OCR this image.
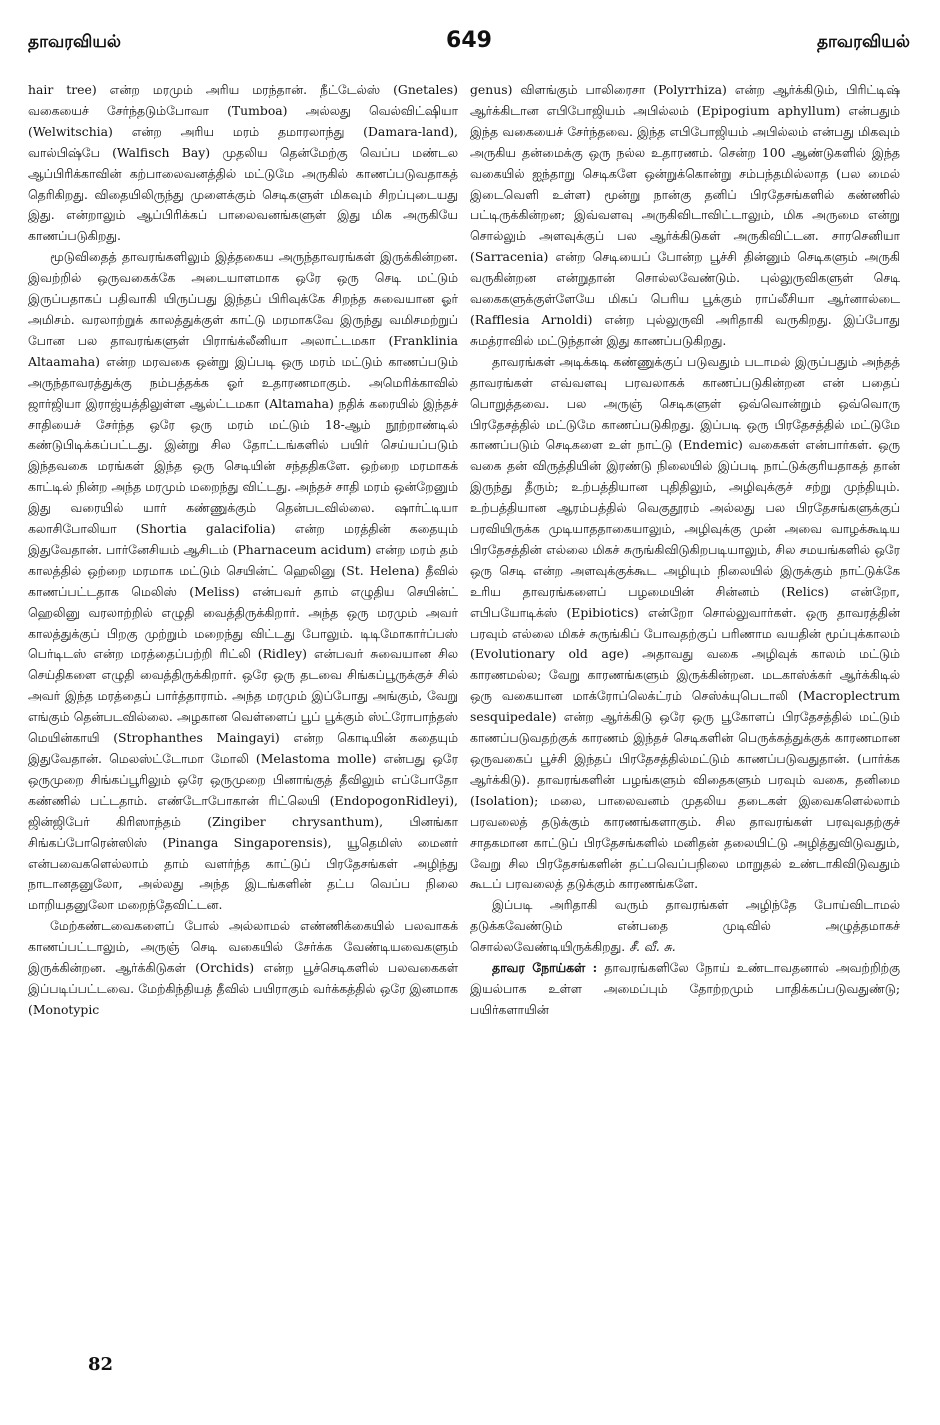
தாவரவியல்	649	தாவரவியல்

hair tree) என்ற மரமும் அரிய மரந்தான். நீட்டேல்ஸ் (Gnetales) வகையைச் சேர்ந்தடும்போவா (Tumboa) அல்லது வெல்விட்ஷியா (Welwitschia) என்ற அரிய மரம் தமாரலாந்து (Damara-land), வால்பிஷ்பே (Walfisch Bay) முதலிய தென்மேற்கு வெப்ப மண்டல ஆப்பிரிக்காவின் கற்பாலைவனத்தில் மட்டுமே அருகில் காணப்படுவதாகத் தெரிகிறது. விதையிலிருந்து முளைக்கும் செடிகளுள் மிகவும் சிறப்புடையது இது. என்றாலும் ஆப்பிரிக்கப் பாலைவனங்களுள் இது மிக அருகியே காணப்படுகிறது.

மூடுவிதைத் தாவரங்களிலும் இத்தகைய அருந்தாவரங்கள் இருக்கின்றன. இவற்றில் ஒருவகைக்கே அடையாளமாக ஒரே ஒரு செடி மட்டும் இருப்பதாகப் பதிவாகி யிருப்பது இந்தப் பிரிவுக்கே சிறந்த சுவையான ஓர் அமிசம். வரலாற்றுக் காலத்துக்குள் காட்டு மரமாகவே இருந்து வமிசமற்றுப் போன பல தாவரங்களுள் பிராங்க்லீனியா அலாட்டமகா (Franklinia Altaamaha) என்ற மரவகை ஒன்று இப்படி ஒரு மரம் மட்டும் காணப்படும் அருந்தாவரத்துக்கு நம்பத்தக்க ஓர் உதாரணமாகும். அமெரிக்காவில் ஜார்ஜியா இராஜ்யத்திலுள்ள ஆல்ட்டமகா (Altamaha) நதிக் கரையில் இந்தச் சாதியைச் சேர்ந்த ஒரே ஒரு மரம் மட்டும் 18-ஆம் நூற்றாண்டில் கண்டுபிடிக்கப்பட்டது. இன்று சில தோட்டங்களில் பயிர் செய்யப்படும் இந்தவகை மரங்கள் இந்த ஒரு செடியின் சந்ததிகளே. ஒற்றை மரமாகக் காட்டில் நின்ற அந்த மரமும் மறைந்து விட்டது. அந்தச் சாதி மரம் ஒன்றேனும் இது வரையில் யார் கண்ணுக்கும் தென்படவில்லை. ஷார்ட்டியா கலாசிபோலியா (Shortia galacifolia) என்ற மரத்தின் கதையும் இதுவேதான். பார்னேசியம் ஆசிடம் (Pharnaceum acidum) என்ற மரம் தம் காலத்தில் ஒற்றை மரமாக மட்டும் செயின்ட் ஹெலினு (St. Helena) தீவில் காணப்பட்டதாக மெலிஸ் (Meliss) என்பவர் தாம் எழுதிய செயின்ட் ஹெலினு வரலாற்றில் எழுதி வைத்திருக்கிறார். அந்த ஒரு மரமும் அவர் காலத்துக்குப் பிறகு முற்றும் மறைந்து விட்டது போலும். டிடிமோகார்ப்பஸ் பெர்டிடஸ் என்ற மரத்தைப்பற்றி ரிட்லி (Ridley) என்பவர் சுவையான சில செய்திகளை எழுதி வைத்திருக்கிறார். ஒரே ஒரு தடவை சிங்கப்பூருக்குச் சில் அவர் இந்த மரத்தைப் பார்த்தாராம். அந்த மரமும் இப்போது அங்கும், வேறு எங்கும் தென்படவில்லை. அழகான வெள்ளைப் பூப் பூக்கும் ஸ்ட்ரோபாந்தஸ் மெயின்காயி (Strophanthes Maingayi) என்ற கொடியின் கதையும் இதுவேதான். மெலஸ்ட்டோமா மோலி (Melastoma molle) என்பது ஒரே ஒருமுறை சிங்கப்பூரிலும் ஒரே ஒருமுறை பினாங்குத் தீவிலும் எப்போதோ கண்ணில் பட்டதாம். எண்டோபோகான் ரிட்லெயி (EndopogonRidleyi), ஜின்ஜிபேர் கிரிஸாந்தம் (Zingiber chrysanthum), பினங்கா சிங்கப்போரென்ஸிஸ் (Pinanga Singaporensis), யூதெமிஸ் மைனர் என்பவைகளெல்லாம் தாம் வளர்ந்த காட்டுப் பிரதேசங்கள் அழிந்து நாடானதனுலோ, அல்லது அந்த இடங்களின் தட்ப வெப்ப நிலை மாறியதனுலோ மறைந்தேவிட்டன.

மேற்கண்டவைகளைப் போல் அல்லாமல் எண்ணிக்கையில் பலவாகக் காணப்பட்டாலும், அருஞ் செடி வகையில் சேர்க்க வேண்டியவைகளும் இருக்கின்றன. ஆர்க்கிடுகள் (Orchids) என்ற பூச்செடிகளில் பலவகைகள் இப்படிப்பட்டவை. மேற்கிந்தியத் தீவில் பயிராகும் வர்க்கத்தில் ஒரே இனமாக (Monotypic

genus) விளங்கும் பாலிரைசா (Polyrrhiza) என்ற ஆர்க்கிடும், பிரிட்டிஷ் ஆர்க்கிடான எபிபோஜியம் அபில்லம் (Epipogium aphyllum) என்பதும் இந்த வகையைச் சேர்ந்தவை. இந்த எபிபோஜியம் அபில்லம் என்பது மிகவும் அருகிய தன்மைக்கு ஒரு நல்ல உதாரணம். சென்ற 100 ஆண்டுகளில் இந்த வகையில் ஐந்தாறு செடிகளே ஒன்றுக்கொன்று சம்பந்தமில்லாத (பல மைல் இடைவெளி உள்ள) மூன்று நான்கு தனிப் பிரதேசங்களில் கண்ணில் பட்டிருக்கின்றன; இவ்வளவு அருகிவிடாவிட்டாலும், மிக அருமை என்று சொல்லும் அளவுக்குப் பல ஆர்க்கிடுகள் அருகிவிட்டன. சாரசெனியா (Sarracenia) என்ற செடியைப் போன்ற பூச்சி தின்னும் செடிகளும் அருகி வருகின்றன என்றுதான் சொல்லவேண்டும். புல்லுருவிகளுள் செடி வகைகளுக்குள்ளேயே மிகப் பெரிய பூக்கும் ராப்லீசியா ஆர்னால்டை (Rafflesia Arnoldi) என்ற புல்லுருவி அரிதாகி வருகிறது. இப்போது சுமத்ராவில் மட்டுந்தான் இது காணப்படுகிறது.

தாவரங்கள் அடிக்கடி கண்ணுக்குப் படுவதும் படாமல் இருப்பதும் அந்தத் தாவரங்கள் எவ்வளவு பரவலாகக் காணப்படுகின்றன என் பதைப் பொறுத்தவை. பல அருஞ் செடிகளுள் ஒவ்வொன்றும் ஒவ்வொரு பிரதேசத்தில் மட்டுமே காணப்படுகிறது. இப்படி ஒரு பிரதேசத்தில் மட்டுமே காணப்படும் செடிகளை உள் நாட்டு (Endemic) வகைகள் என்பார்கள். ஒரு வகை தன் விருத்தியின் இரண்டு நிலையில் இப்படி நாட்டுக்குரியதாகத் தான் இருந்து தீரும்; உற்பத்தியான புதிதிலும், அழிவுக்குச் சற்று முந்தியும். உற்பத்தியான ஆரம்பத்தில் வெகுதூரம் அல்லது பல பிரதேசங்களுக்குப் பரவியிருக்க முடியாததாகையாலும், அழிவுக்கு முன் அவை வாழக்கூடிய பிரதேசத்தின் எல்லை மிகச் சுருங்கிவிடுகிறபடியாலும், சில சமயங்களில் ஒரே ஒரு செடி என்ற அளவுக்குக்கூட அழியும் நிலையில் இருக்கும் நாட்டுக்கே உரிய தாவரங்களைப் பழமையின் சின்னம் (Relics) என்றோ, எபிபயோடிக்ஸ் (Epibiotics) என்றோ சொல்லுவார்கள். ஒரு தாவரத்தின் பரவும் எல்லை மிகச் சுருங்கிப் போவதற்குப் பரிணாம வயதின் மூப்புக்காலம் (Evolutionary old age) அதாவது வகை அழிவுக் காலம் மட்டும் காரணமல்ல; வேறு காரணங்களும் இருக்கின்றன. மடகாஸ்க்கர் ஆர்க்கிடில் ஒரு வகையான மாக்ரோப்லெக்ட்ரம் செஸ்க்யுபெடாலி (Macroplectrum sesquipedale) என்ற ஆர்க்கிடு ஒரே ஒரு பூகோளப் பிரதேசத்தில் மட்டும் காணப்படுவதற்குக் காரணம் இந்தச் செடிகளின் பெருக்கத்துக்குக் காரணமான ஒருவகைப் பூச்சி இந்தப் பிரதேசத்தில்மட்டும் காணப்படுவதுதான். (பார்க்க ஆர்க்கிடு). தாவரங்களின் பழங்களும் விதைகளும் பரவும் வகை, தனிமை (Isolation); மலை, பாலைவனம் முதலிய தடைகள் இவைகளெல்லாம் பரவலைத் தடுக்கும் காரணங்களாகும். சில தாவரங்கள் பரவுவதற்குச் சாதகமான காட்டுப் பிரதேசங்களில் மனிதன் தலையிட்டு அழித்துவிடுவதும், வேறு சில பிரதேசங்களின் தட்பவெப்பநிலை மாறுதல் உண்டாகிவிடுவதும் கூடப் பரவலைத் தடுக்கும் காரணங்களே.

இப்படி அரிதாகி வரும் தாவரங்கள் அழிந்தே போய்விடாமல் தடுக்கவேண்டும் என்பதை முடிவில் அழுத்தமாகச் சொல்லவேண்டியிருக்கிறது. சீ. வீ. சு.

தாவர நோய்கள் : தாவரங்களிலே நோய் உண்டாவதனால் அவற்றிற்கு இயல்பாக உள்ள அமைப்பும் தோற்றமும் பாதிக்கப்படுவதுண்டு; பயிர்களாயின்

82
